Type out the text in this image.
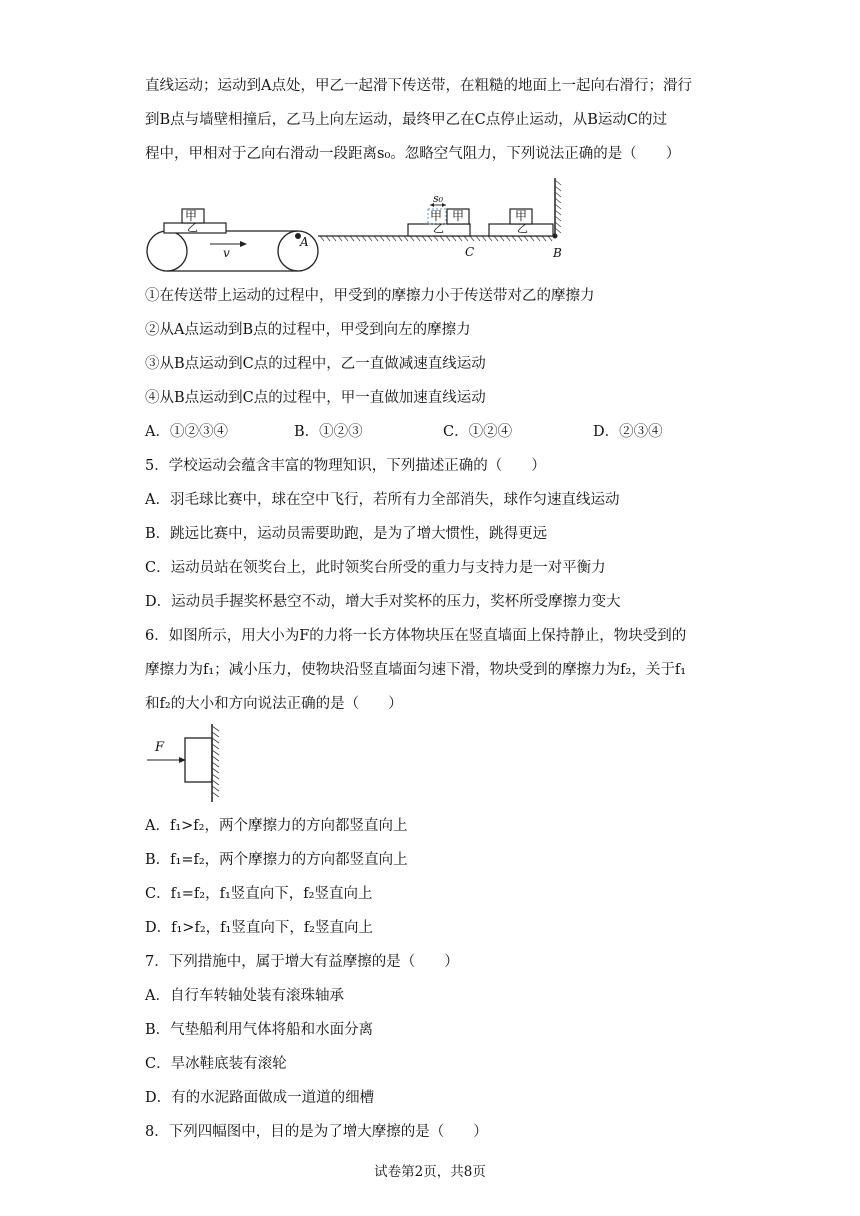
直线运动；运动到A点处，甲乙一起滑下传送带，在粗糙的地面上一起向右滑行；滑行
到B点与墙壁相撞后，乙马上向左运动，最终甲乙在C点停止运动，从B运动C的过
程中，甲相对于乙向右滑动一段距离s₀。忽略空气阻力，下列说法正确的是（　　）
甲
乙
v
A
s₀
甲 甲
乙
C
甲
乙
B
①在传送带上运动的过程中，甲受到的摩擦力小于传送带对乙的摩擦力
②从A点运动到B点的过程中，甲受到向左的摩擦力
③从B点运动到C点的过程中，乙一直做减速直线运动
④从B点运动到C点的过程中，甲一直做加速直线运动
A．①②③④	B．①②③	C．①②④	D．②③④
5．学校运动会蕴含丰富的物理知识，下列描述正确的（　　）
A．羽毛球比赛中，球在空中飞行，若所有力全部消失，球作匀速直线运动
B．跳远比赛中，运动员需要助跑，是为了增大惯性，跳得更远
C．运动员站在领奖台上，此时领奖台所受的重力与支持力是一对平衡力
D．运动员手握奖杯悬空不动，增大手对奖杯的压力，奖杯所受摩擦力变大
6．如图所示，用大小为F的力将一长方体物块压在竖直墙面上保持静止，物块受到的
摩擦力为f₁；减小压力，使物块沿竖直墙面匀速下滑，物块受到的摩擦力为f₂，关于f₁
和f₂的大小和方向说法正确的是（　　）
F
A．f₁>f₂，两个摩擦力的方向都竖直向上
B．f₁=f₂，两个摩擦力的方向都竖直向上
C．f₁=f₂，f₁竖直向下，f₂竖直向上
D．f₁>f₂，f₁竖直向下，f₂竖直向上
7．下列措施中，属于增大有益摩擦的是（　　）
A．自行车转轴处装有滚珠轴承
B．气垫船利用气体将船和水面分离
C．旱冰鞋底装有滚轮
D．有的水泥路面做成一道道的细槽
8．下列四幅图中，目的是为了增大摩擦的是（　　）
试卷第2页，共8页
